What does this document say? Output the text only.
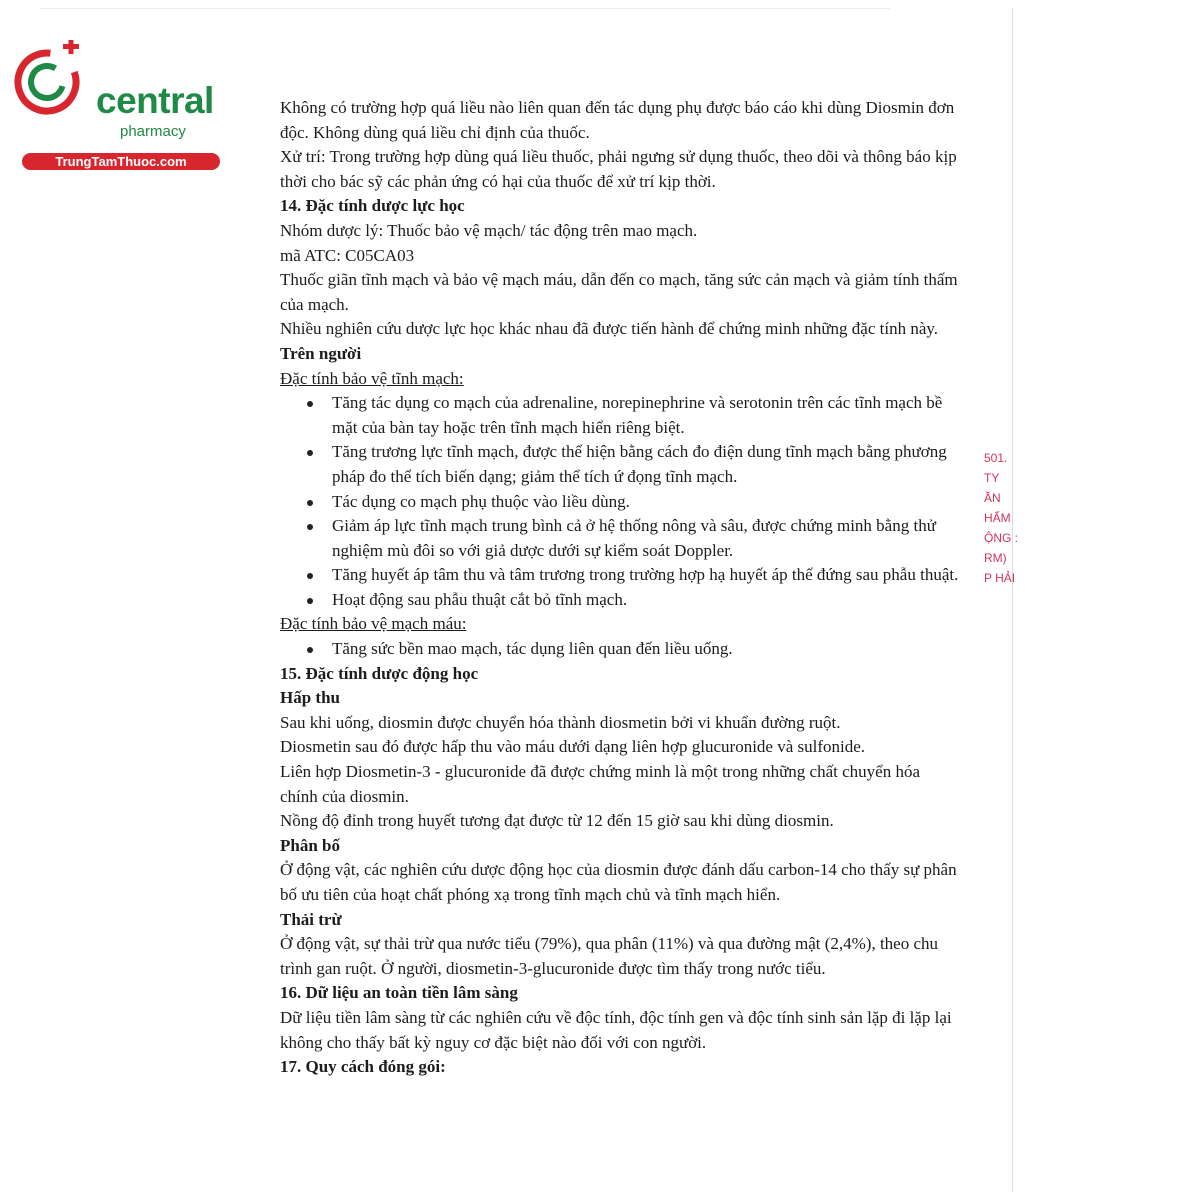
central
pharmacy
TrungTamThuoc.com

Không có trường hợp quá liều nào liên quan đến tác dụng phụ được báo cáo khi dùng Diosmin đơn độc. Không dùng quá liều chỉ định của thuốc.

Xử trí: Trong trường hợp dùng quá liều thuốc, phải ngưng sử dụng thuốc, theo dõi và thông báo kịp thời cho bác sỹ các phản ứng có hại của thuốc để xử trí kịp thời.

14. Đặc tính dược lực học

Nhóm dược lý: Thuốc bảo vệ mạch/ tác động trên mao mạch.

mã ATC: C05CA03

Thuốc giãn tĩnh mạch và bảo vệ mạch máu, dẫn đến co mạch, tăng sức cản mạch và giảm tính thấm của mạch.

Nhiều nghiên cứu dược lực học khác nhau đã được tiến hành để chứng minh những đặc tính này.

Trên người

Đặc tính bảo vệ tĩnh mạch:

Tăng tác dụng co mạch của adrenaline, norepinephrine và serotonin trên các tĩnh mạch bề mặt của bàn tay hoặc trên tĩnh mạch hiển riêng biệt.
Tăng trương lực tĩnh mạch, được thể hiện bằng cách đo điện dung tĩnh mạch bằng phương pháp đo thể tích biến dạng; giảm thể tích ứ đọng tĩnh mạch.
Tác dụng co mạch phụ thuộc vào liều dùng.
Giảm áp lực tĩnh mạch trung bình cả ở hệ thống nông và sâu, được chứng minh bằng thử nghiệm mù đôi so với giả dược dưới sự kiểm soát Doppler.
Tăng huyết áp tâm thu và tâm trương trong trường hợp hạ huyết áp thế đứng sau phẫu thuật.
Hoạt động sau phẫu thuật cắt bỏ tĩnh mạch.

Đặc tính bảo vệ mạch máu:

Tăng sức bền mao mạch, tác dụng liên quan đến liều uống.

15. Đặc tính dược động học

Hấp thu

Sau khi uống, diosmin được chuyển hóa thành diosmetin bởi vi khuẩn đường ruột.

Diosmetin sau đó được hấp thu vào máu dưới dạng liên hợp glucuronide và sulfonide.

Liên hợp Diosmetin-3 - glucuronide đã được chứng minh là một trong những chất chuyển hóa chính của diosmin.

Nồng độ đỉnh trong huyết tương đạt được từ 12 đến 15 giờ sau khi dùng diosmin.

Phân bố

Ở động vật, các nghiên cứu dược động học của diosmin được đánh dấu carbon-14 cho thấy sự phân bố ưu tiên của hoạt chất phóng xạ trong tĩnh mạch chủ và tĩnh mạch hiển.

Thải trừ

Ở động vật, sự thải trừ qua nước tiểu (79%), qua phân (11%) và qua đường mật (2,4%), theo chu trình gan ruột. Ở người, diosmetin-3-glucuronide được tìm thấy trong nước tiểu.

16. Dữ liệu an toàn tiền lâm sàng

Dữ liệu tiền lâm sàng từ các nghiên cứu về độc tính, độc tính gen và độc tính sinh sản lặp đi lặp lại không cho thấy bất kỳ nguy cơ đặc biệt nào đối với con người.

17. Quy cách đóng gói:

501.
TY
ẦN
HẨM
ỘNG :
RM)
P HẢI
